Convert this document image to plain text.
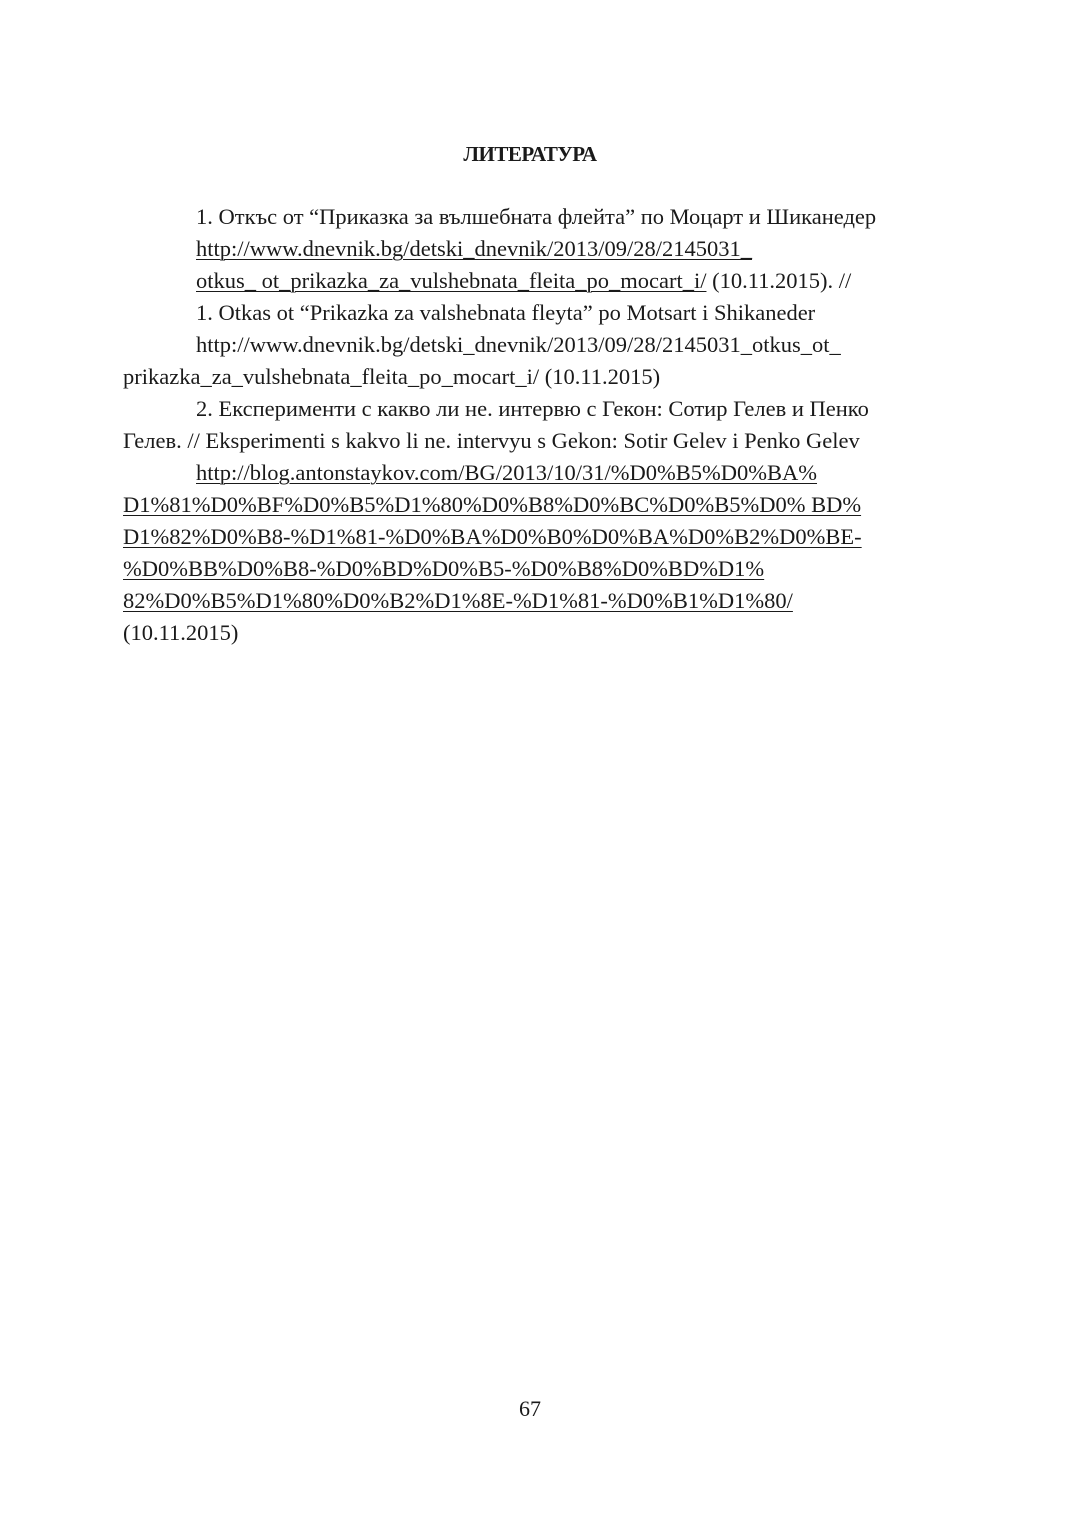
ЛИТЕРАТУРА
1. Откъс от “Приказка за вълшебната флейта” по Моцарт и Шиканедер
http://www.dnevnik.bg/detski_dnevnik/2013/09/28/2145031_
otkus_ ot_prikazka_za_vulshebnata_fleita_po_mocart_i/ (10.11.2015). //
1. Otkas ot “Prikazka za valshebnata fleyta” po Motsart i Shikaneder
http://www.dnevnik.bg/detski_dnevnik/2013/09/28/2145031_otkus_ot_
prikazka_za_vulshebnata_fleita_po_mocart_i/ (10.11.2015)
2. Експерименти с какво ли не. интервю с Гекон: Сотир Гелев и Пенко
Гелев. // Eksperimenti s kakvo li ne. intervyu s Gekon: Sotir Gelev i Penko Gelev
http://blog.antonstaykov.com/BG/2013/10/31/%D0%B5%D0%BA%
D1%81%D0%BF%D0%B5%D1%80%D0%B8%D0%BC%D0%B5%D0% BD%
D1%82%D0%B8-%D1%81-%D0%BA%D0%B0%D0%BA%D0%B2%D0%BE-
%D0%BB%D0%B8-%D0%BD%D0%B5-%D0%B8%D0%BD%D1%
82%D0%B5%D1%80%D0%B2%D1%8E-%D1%81-%D0%B1%D1%80/
(10.11.2015)
67
